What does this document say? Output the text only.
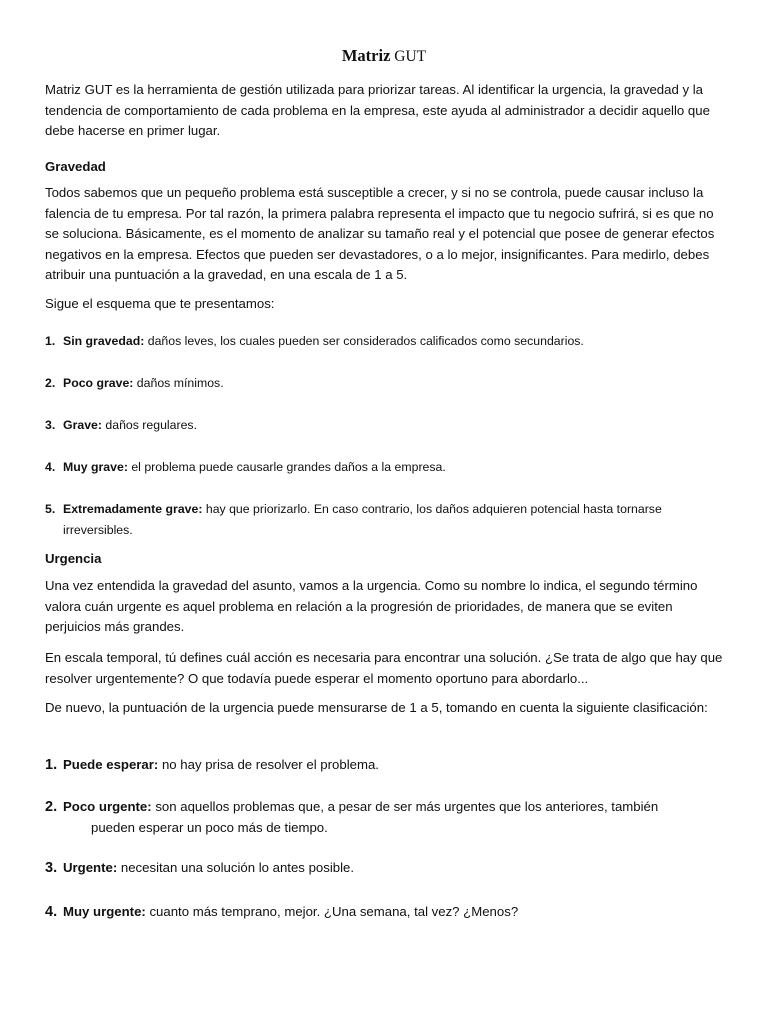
Matriz GUT

Matriz GUT es la herramienta de gestión utilizada para priorizar tareas. Al identificar la urgencia, la gravedad y la tendencia de comportamiento de cada problema en la empresa, este ayuda al administrador a decidir aquello que debe hacerse en primer lugar.

Gravedad

Todos sabemos que un pequeño problema está susceptible a crecer, y si no se controla, puede causar incluso la falencia de tu empresa. Por tal razón, la primera palabra representa el impacto que tu negocio sufrirá, si es que no se soluciona. Básicamente, es el momento de analizar su tamaño real y el potencial que posee de generar efectos negativos en la empresa. Efectos que pueden ser devastadores, o a lo mejor, insignificantes. Para medirlo, debes atribuir una puntuación a la gravedad, en una escala de 1 a 5.

Sigue el esquema que te presentamos:

1. Sin gravedad: daños leves, los cuales pueden ser considerados calificados como secundarios.

2. Poco grave: daños mínimos.

3. Grave: daños regulares.

4. Muy grave: el problema puede causarle grandes daños a la empresa.

5. Extremadamente grave: hay que priorizarlo. En caso contrario, los daños adquieren potencial hasta tornarse
irreversibles.

Urgencia

Una vez entendida la gravedad del asunto, vamos a la urgencia. Como su nombre lo indica, el segundo término valora cuán urgente es aquel problema en relación a la progresión de prioridades, de manera que se eviten perjuicios más grandes.

En escala temporal, tú defines cuál acción es necesaria para encontrar una solución. ¿Se trata de algo que hay que resolver urgentemente? O que todavía puede esperar el momento oportuno para abordarlo...

De nuevo, la puntuación de la urgencia puede mensurarse de 1 a 5, tomando en cuenta la siguiente clasificación:

1. Puede esperar: no hay prisa de resolver el problema.

2. Poco urgente: son aquellos problemas que, a pesar de ser más urgentes que los anteriores, también
pueden esperar un poco más de tiempo.

3. Urgente: necesitan una solución lo antes posible.

4. Muy urgente: cuanto más temprano, mejor. ¿Una semana, tal vez? ¿Menos?
